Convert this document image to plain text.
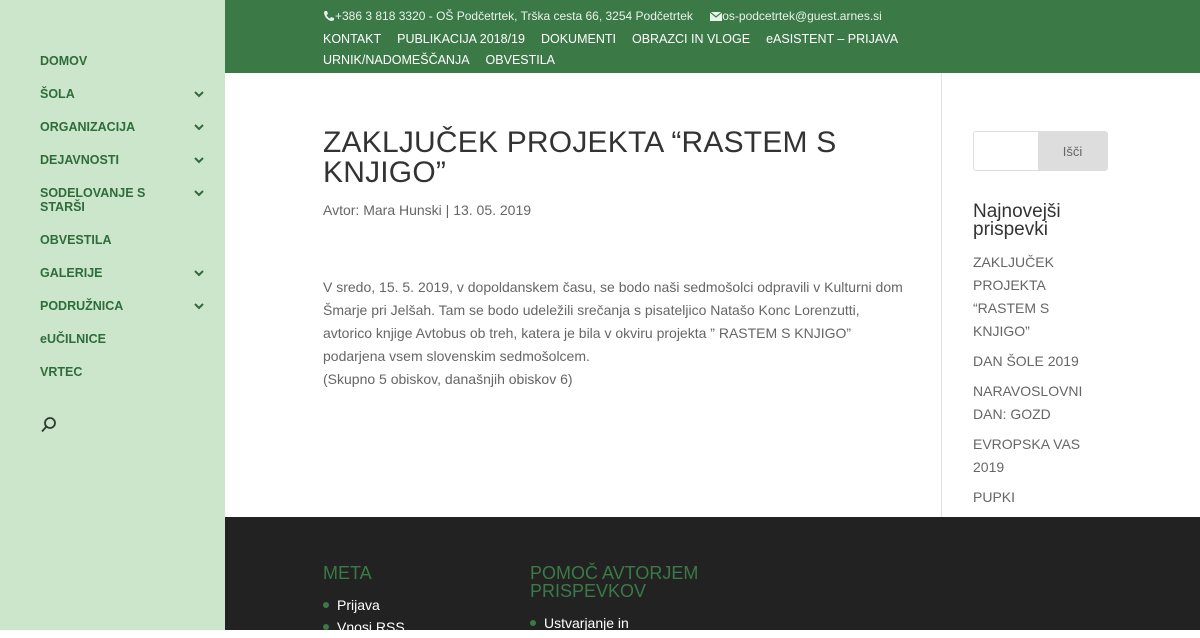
DOMOV
ŠOLA
ORGANIZACIJA
DEJAVNOSTI
SODELOVANJE S STARŠI
OBVESTILA
GALERIJE
PODRUŽNICA
eUČILNICE
VRTEC
+386 3 818 3320 - OŠ Podčetrtek, Trška cesta 66, 3254 Podčetrtek os-podcetrtek@guest.arnes.si
KONTAKT PUBLIKACIJA 2018/19 DOKUMENTI OBRAZCI IN VLOGE eASISTENT – PRIJAVAURNIK/NADOMEŠČANJA OBVESTILA
ZAKLJUČEK PROJEKTA “RASTEM S KNJIGO”
Avtor: Mara Hunski | 13. 05. 2019
V sredo, 15. 5. 2019, v dopoldanskem času, se bodo naši sedmošolci odpravili v Kulturni dom Šmarje pri Jelšah. Tam se bodo udeležili srečanja s pisateljico Natašo Konc Lorenzutti, avtorico knjige Avtobus ob treh, katera je bila v okviru projekta ” RASTEM S KNJIGO” podarjena vsem slovenskim sedmošolcem.
(Skupno 5 obiskov, današnjih obiskov 6)
Išči
Najnovejši prispevki
ZAKLJUČEK PROJEKTA “RASTEM S KNJIGO”
DAN ŠOLE 2019
NARAVOSLOVNI DAN: GOZD
EVROPSKA VAS 2019
PUPKI
META
Prijava
Vnosi RSS
POMOČ AVTORJEM PRISPEVKOV
Ustvarjanje in
